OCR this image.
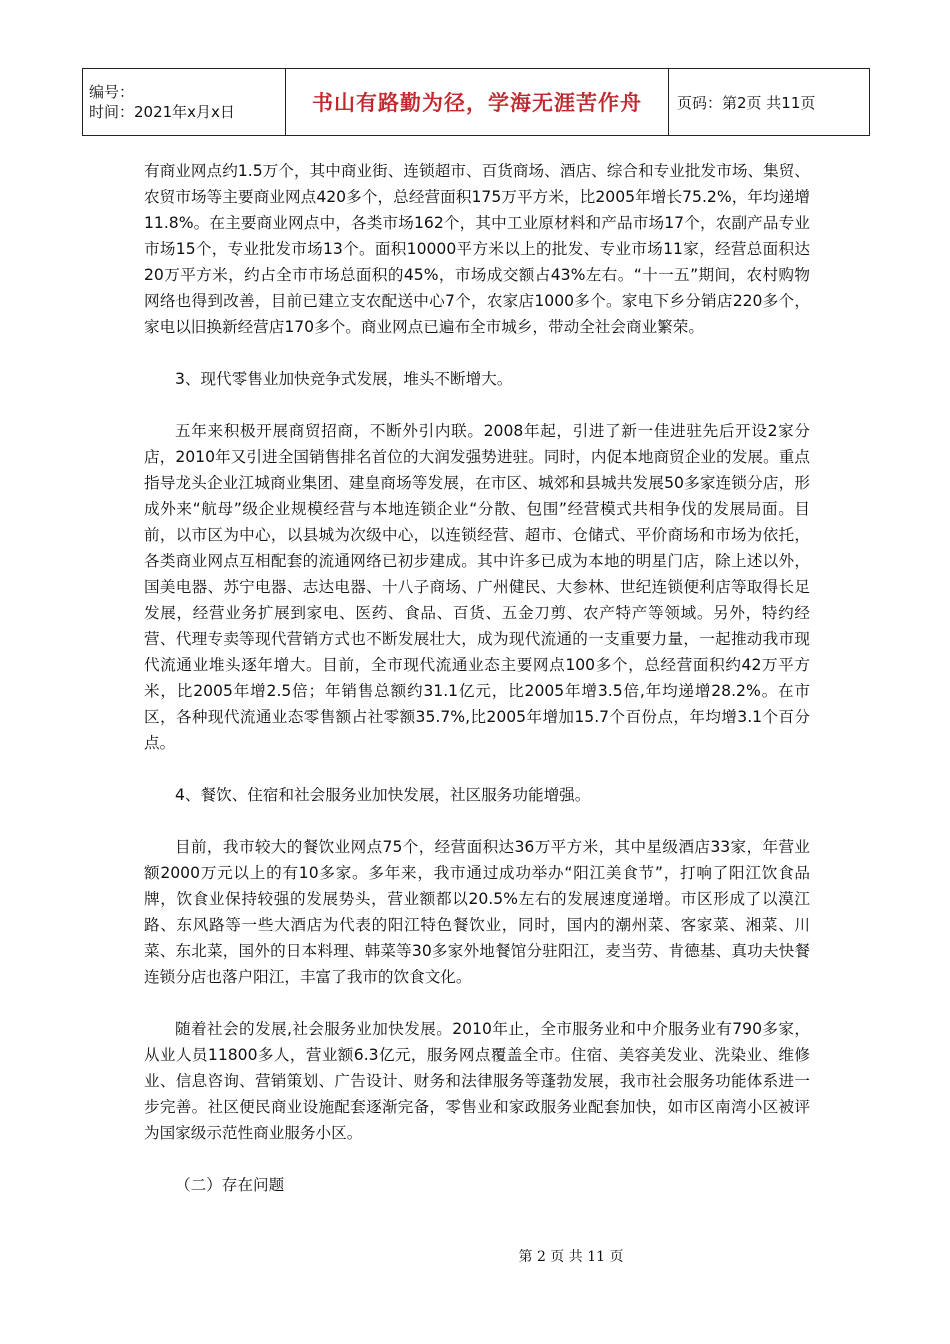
编号：
时间：2021年x月x日	书山有路勤为径，学海无涯苦作舟	页码：第2页 共11页

有商业网点约1.5万个，其中商业街、连锁超市、百货商场、酒店、综合和专业批发市场、集贸、农贸市场等主要商业网点420多个，总经营面积175万平方米，比2005年增长75.2%，年均递增11.8%。在主要商业网点中，各类市场162个，其中工业原材料和产品市场17个，农副产品专业市场15个，专业批发市场13个。面积10000平方米以上的批发、专业市场11家，经营总面积达20万平方米，约占全市市场总面积的45%，市场成交额占43%左右。“十一五”期间，农村购物网络也得到改善，目前已建立支农配送中心7个，农家店1000多个。家电下乡分销店220多个，家电以旧换新经营店170多个。商业网点已遍布全市城乡，带动全社会商业繁荣。

3、现代零售业加快竞争式发展，堆头不断增大。

五年来积极开展商贸招商，不断外引内联。2008年起，引进了新一佳进驻先后开设2家分店，2010年又引进全国销售排名首位的大润发强势进驻。同时，内促本地商贸企业的发展。重点指导龙头企业江城商业集团、建皇商场等发展，在市区、城郊和县城共发展50多家连锁分店，形成外来“航母”级企业规模经营与本地连锁企业“分散、包围”经营模式共相争伐的发展局面。目前，以市区为中心，以县城为次级中心，以连锁经营、超市、仓储式、平价商场和市场为依托，各类商业网点互相配套的流通网络已初步建成。其中许多已成为本地的明星门店，除上述以外，国美电器、苏宁电器、志达电器、十八子商场、广州健民、大参林、世纪连锁便利店等取得长足发展，经营业务扩展到家电、医药、食品、百货、五金刀剪、农产特产等领域。另外，特约经营、代理专卖等现代营销方式也不断发展壮大，成为现代流通的一支重要力量，一起推动我市现代流通业堆头逐年增大。目前，全市现代流通业态主要网点100多个，总经营面积约42万平方米，比2005年增2.5倍；年销售总额约31.1亿元，比2005年增3.5倍,年均递增28.2%。在市区，各种现代流通业态零售额占社零额35.7%,比2005年增加15.7个百份点，年均增3.1个百分点。

4、餐饮、住宿和社会服务业加快发展，社区服务功能增强。

目前，我市较大的餐饮业网点75个，经营面积达36万平方米，其中星级酒店33家，年营业额2000万元以上的有10多家。多年来，我市通过成功举办“阳江美食节”，打响了阳江饮食品牌，饮食业保持较强的发展势头，营业额都以20.5%左右的发展速度递增。市区形成了以漠江路、东风路等一些大酒店为代表的阳江特色餐饮业，同时，国内的潮州菜、客家菜、湘菜、川菜、东北菜，国外的日本料理、韩菜等30多家外地餐馆分驻阳江，麦当劳、肯德基、真功夫快餐连锁分店也落户阳江，丰富了我市的饮食文化。

随着社会的发展,社会服务业加快发展。2010年止，全市服务业和中介服务业有790多家，从业人员11800多人，营业额6.3亿元，服务网点覆盖全市。住宿、美容美发业、洗染业、维修业、信息咨询、营销策划、广告设计、财务和法律服务等蓬勃发展，我市社会服务功能体系进一步完善。社区便民商业设施配套逐渐完备，零售业和家政服务业配套加快，如市区南湾小区被评为国家级示范性商业服务小区。

（二）存在问题

第 2 页 共 11 页
